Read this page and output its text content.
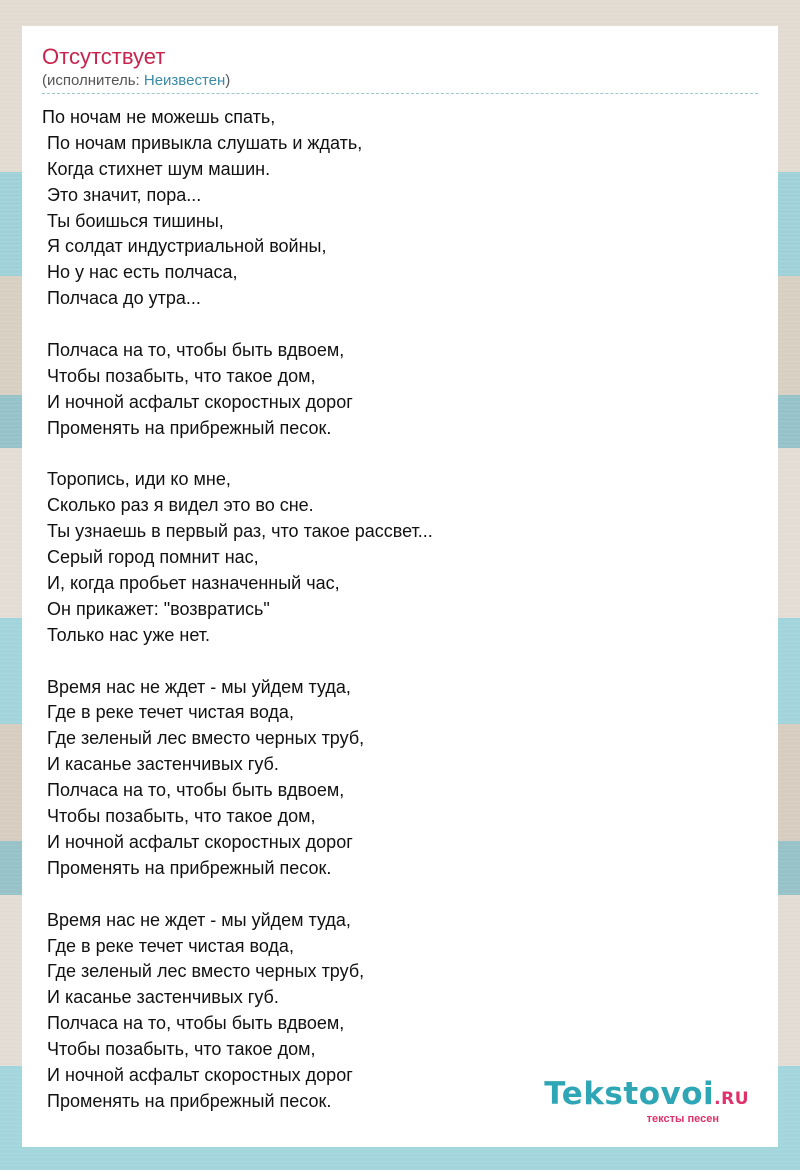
Отсутствует
(исполнитель: Неизвестен)
По ночам не можешь спать,
По ночам привыкла слушать и ждать,
Когда стихнет шум машин.
Это значит, пора...
Ты боишься тишины,
Я солдат индустриальной войны,
Но у нас есть полчаса,
Полчаса до утра...
Полчаса на то, чтобы быть вдвоем,
Чтобы позабыть, что такое дом,
И ночной асфальт скоростных дорог
Променять на прибрежный песок.
Торопись, иди ко мне,
Сколько раз я видел это во сне.
Ты узнаешь в первый раз, что такое рассвет...
Серый город помнит нас,
И, когда пробьет назначенный час,
Он прикажет: "возвратись"
Только нас уже нет.
Время нас не ждет - мы уйдем туда,
Где в реке течет чистая вода,
Где зеленый лес вместо черных труб,
И касанье застенчивых губ.
Полчаса на то, чтобы быть вдвоем,
Чтобы позабыть, что такое дом,
И ночной асфальт скоростных дорог
Променять на прибрежный песок.
Время нас не ждет - мы уйдем туда,
Где в реке течет чистая вода,
Где зеленый лес вместо черных труб,
И касанье застенчивых губ.
Полчаса на то, чтобы быть вдвоем,
Чтобы позабыть, что такое дом,
И ночной асфальт скоростных дорог
Променять на прибрежный песок.	Tekstovoi.RU
тексты песен
